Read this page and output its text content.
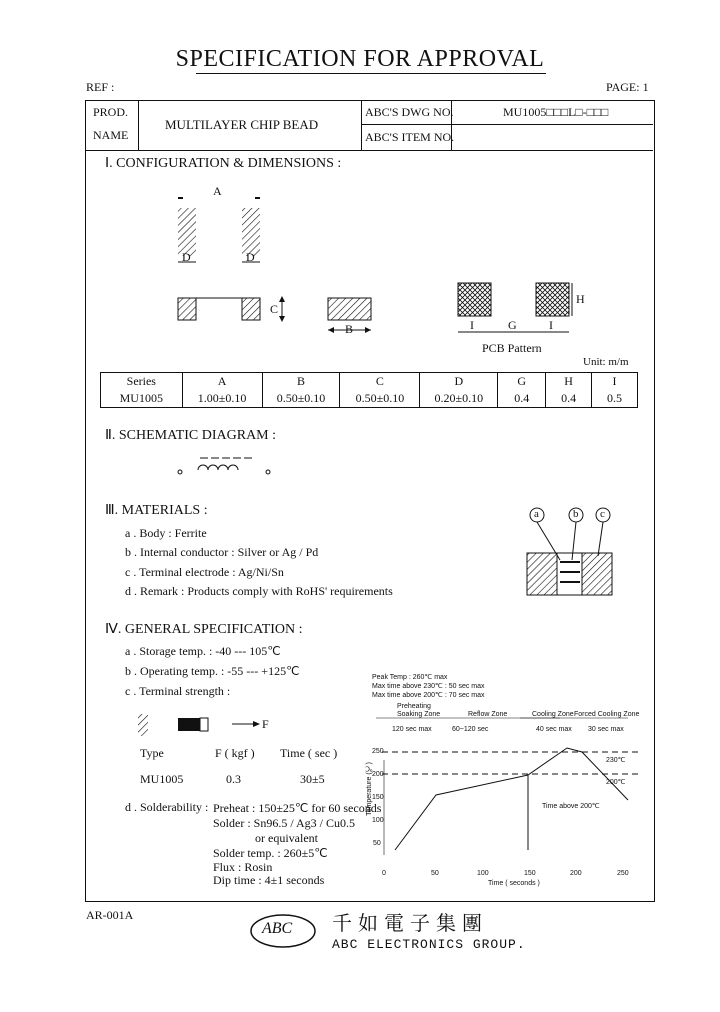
SPECIFICATION FOR APPROVAL
REF :	PAGE: 1
PROD.
NAME
MULTILAYER CHIP BEAD
ABC'S DWG NO.	MU1005□□□L□-□□□
ABC'S ITEM NO.
Ⅰ. CONFIGURATION & DIMENSIONS :
A
D	D
C
B
H
I	G	I
PCB Pattern
Unit: m/m
Series	A	B	C	D	G	H	I
MU1005	1.00±0.10	0.50±0.10	0.50±0.10	0.20±0.10	0.4	0.4	0.5
Ⅱ. SCHEMATIC DIAGRAM :
Ⅲ. MATERIALS :
a . Body : Ferrite
b . Internal conductor : Silver or Ag / Pd
c . Terminal electrode : Ag/Ni/Sn
d . Remark : Products comply with RoHS' requirements
a	b c
Ⅳ. GENERAL SPECIFICATION :
a . Storage temp. : -40 --- 105℃
b . Operating temp. : -55 --- +125℃
c . Terminal strength :
F
Type	F ( kgf ) Time ( sec )
MU1005	0.3	30±5
d . Solderability : Preheat : 150±25℃ for 60 seconds
Solder : Sn96.5 / Ag3 / Cu0.5
or equivalent
Solder temp. : 260±5℃
Flux : Rosin
Dip time : 4±1 seconds
Peak Temp : 260℃ max
Max time above 230℃ : 50 sec max
Max time above 200℃ : 70 sec max
Preheating
Soaking Zone	Reflow Zone	Cooling Zone Forced Cooling Zone
120 sec max	60~120 sec	40 sec max 30 sec max
230℃
200℃
Time above 200℃
Temperature (℃)
50
100
150
200
250
0	50	100	150	200	250
Time ( seconds )
AR-001A
ABC 千如電子集團
ABC ELECTRONICS GROUP.
